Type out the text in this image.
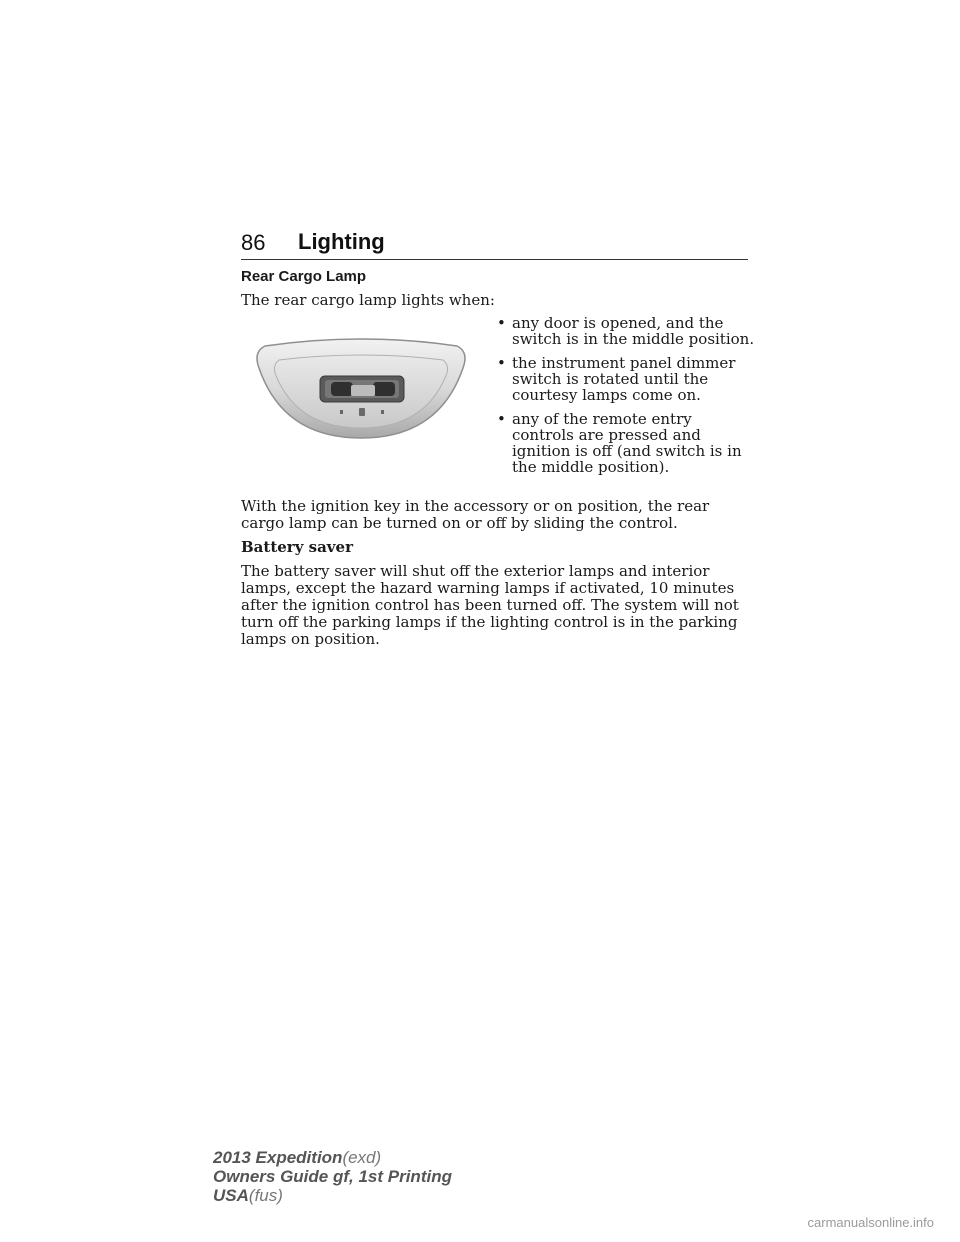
86 Lighting
Rear Cargo Lamp
The rear cargo lamp lights when:
• any door is opened, and the switch is in the middle position.
• the instrument panel dimmer switch is rotated until the courtesy lamps come on.
• any of the remote entry controls are pressed and ignition is off (and switch is in the middle position).
With the ignition key in the accessory or on position, the rear cargo lamp can be turned on or off by sliding the control.
Battery saver
The battery saver will shut off the exterior lamps and interior lamps, except the hazard warning lamps if activated, 10 minutes after the ignition control has been turned off. The system will not turn off the parking lamps if the lighting control is in the parking lamps on position.
2013 Expedition(exd)
Owners Guide gf, 1st Printing
USA(fus)
carmanualsonline.info
